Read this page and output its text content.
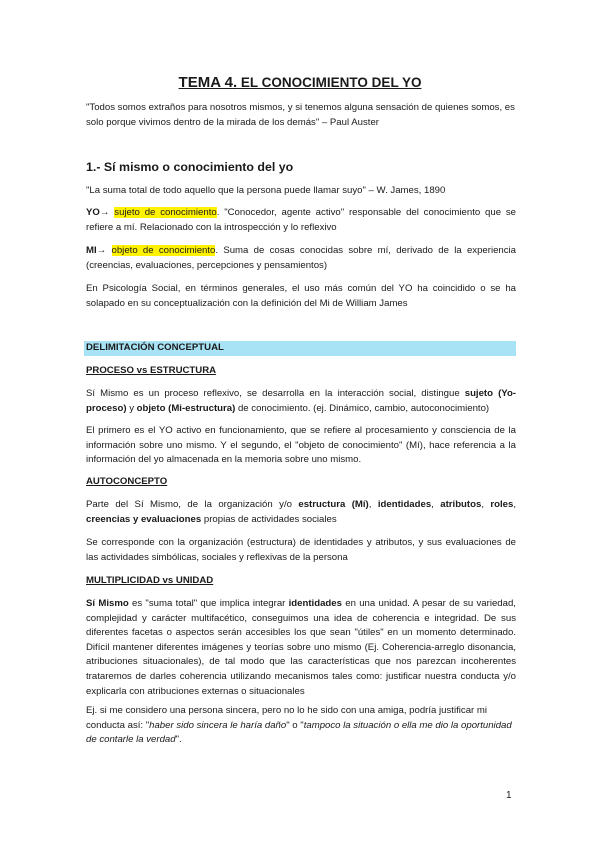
TEMA 4. EL CONOCIMIENTO DEL YO
"Todos somos extraños para nosotros mismos, y si tenemos alguna sensación de quienes somos, es solo porque vivimos dentro de la mirada de los demás" – Paul Auster
1.- Sí mismo o conocimiento del yo
"La suma total de todo aquello que la persona puede llamar suyo" – W. James, 1890
YO→ sujeto de conocimiento. "Conocedor, agente activo" responsable del conocimiento que se refiere a mí. Relacionado con la introspección y lo reflexivo
MI→ objeto de conocimiento. Suma de cosas conocidas sobre mí, derivado de la experiencia (creencias, evaluaciones, percepciones y pensamientos)
En Psicología Social, en términos generales, el uso más común del YO ha coincidido o se ha solapado en su conceptualización con la definición del Mi de William James
DELIMITACIÓN CONCEPTUAL
PROCESO vs ESTRUCTURA
Sí Mismo es un proceso reflexivo, se desarrolla en la interacción social, distingue sujeto (Yo-proceso) y objeto (Mi-estructura) de conocimiento. (ej. Dinámico, cambio, autoconocimiento)
El primero es el YO activo en funcionamiento, que se refiere al procesamiento y consciencia de la información sobre uno mismo. Y el segundo, el "objeto de conocimiento" (Mí), hace referencia a la información del yo almacenada en la memoria sobre uno mismo.
AUTOCONCEPTO
Parte del Sí Mismo, de la organización y/o estructura (Mí), identidades, atributos, roles, creencias y evaluaciones propias de actividades sociales
Se corresponde con la organización (estructura) de identidades y atributos, y sus evaluaciones de las actividades simbólicas, sociales y reflexivas de la persona
MULTIPLICIDAD vs UNIDAD
Sí Mismo es "suma total" que implica integrar identidades en una unidad. A pesar de su variedad, complejidad y carácter multifacético, conseguimos una idea de coherencia e integridad. De sus diferentes facetas o aspectos serán accesibles los que sean "útiles" en un momento determinado. Difícil mantener diferentes imágenes y teorías sobre uno mismo (Ej. Coherencia-arreglo disonancia, atribuciones situacionales), de tal modo que las características que nos parezcan incoherentes trataremos de darles coherencia utilizando mecanismos tales como: justificar nuestra conducta y/o explicarla con atribuciones externas o situacionales
Ej. si me considero una persona sincera, pero no lo he sido con una amiga, podría justificar mi conducta así: "haber sido sincera le haría daño" o "tampoco la situación o ella me dio la oportunidad de contarle la verdad".
1
